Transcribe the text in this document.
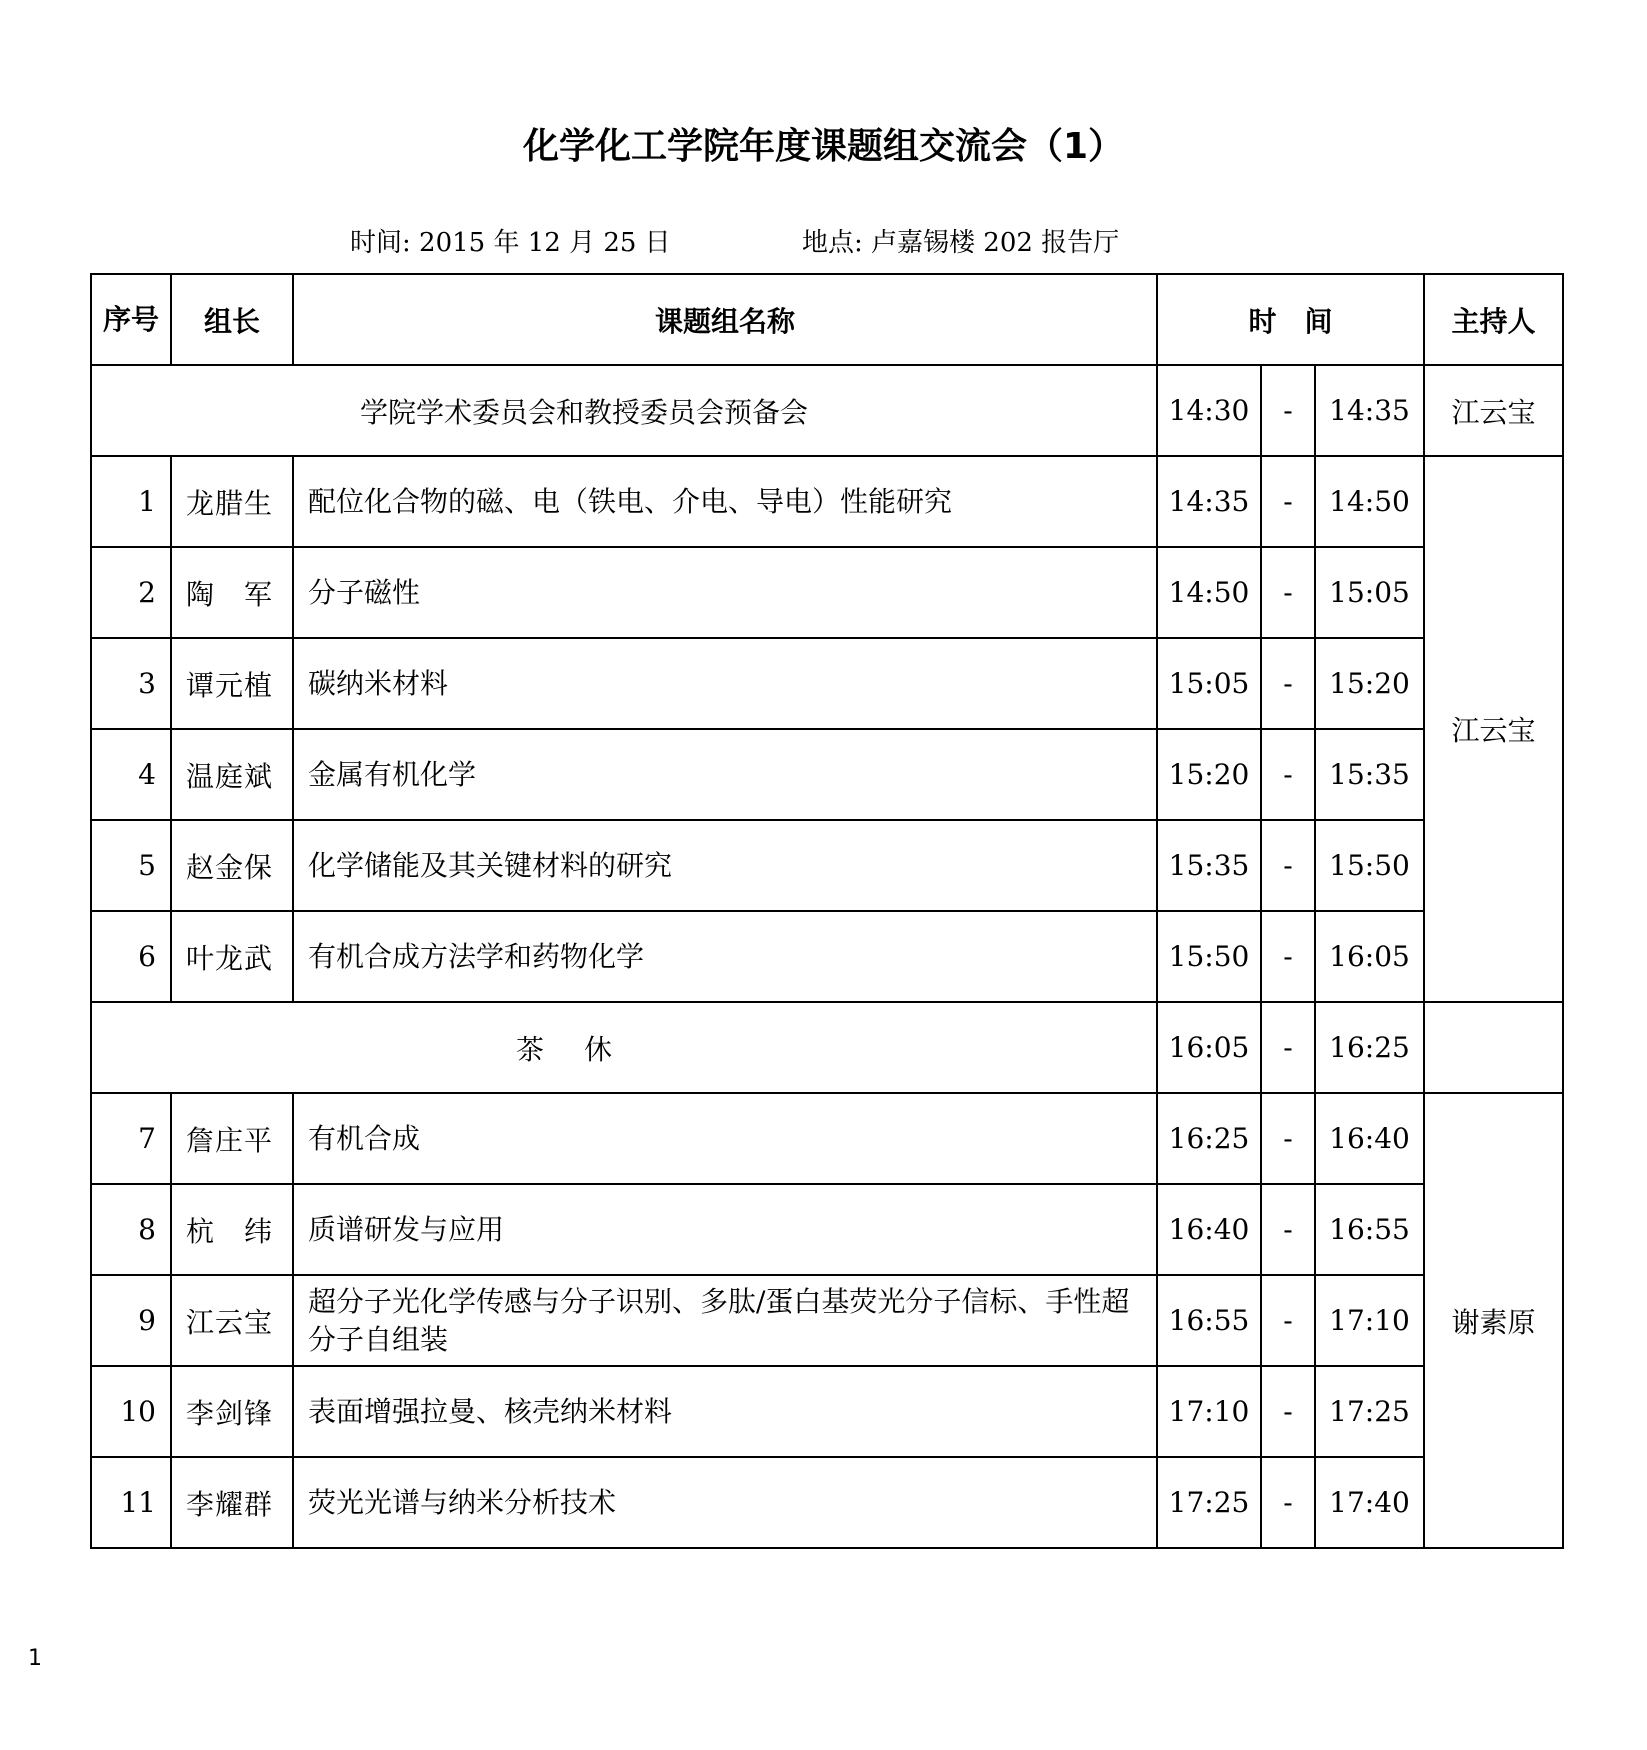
化学化工学院年度课题组交流会（1）
时间: 2015 年 12 月 25 日	地点: 卢嘉锡楼 202 报告厅
序号	组长	课题组名称	时　间			主持人
学院学术委员会和教授委员会预备会			14:30	-	14:35	江云宝
1	龙腊生	配位化合物的磁、电（铁电、介电、导电）性能研究	14:35	-	14:50	江云宝
2	陶　军	分子磁性	14:50	-	15:05	
3	谭元植	碳纳米材料	15:05	-	15:20	
4	温庭斌	金属有机化学	15:20	-	15:35	
5	赵金保	化学储能及其关键材料的研究	15:35	-	15:50	
6	叶龙武	有机合成方法学和药物化学	15:50	-	16:05	
茶休			16:05	-	16:25	
7	詹庄平	有机合成	16:25	-	16:40	谢素原
8	杭　纬	质谱研发与应用	16:40	-	16:55	
9	江云宝	超分子光化学传感与分子识别、多肽/蛋白基荧光分子信标、手性超分子自组装	16:55	-	17:10	
10	李剑锋	表面增强拉曼、核壳纳米材料	17:10	-	17:25	
11	李耀群	荧光光谱与纳米分析技术	17:25	-	17:40	
1
